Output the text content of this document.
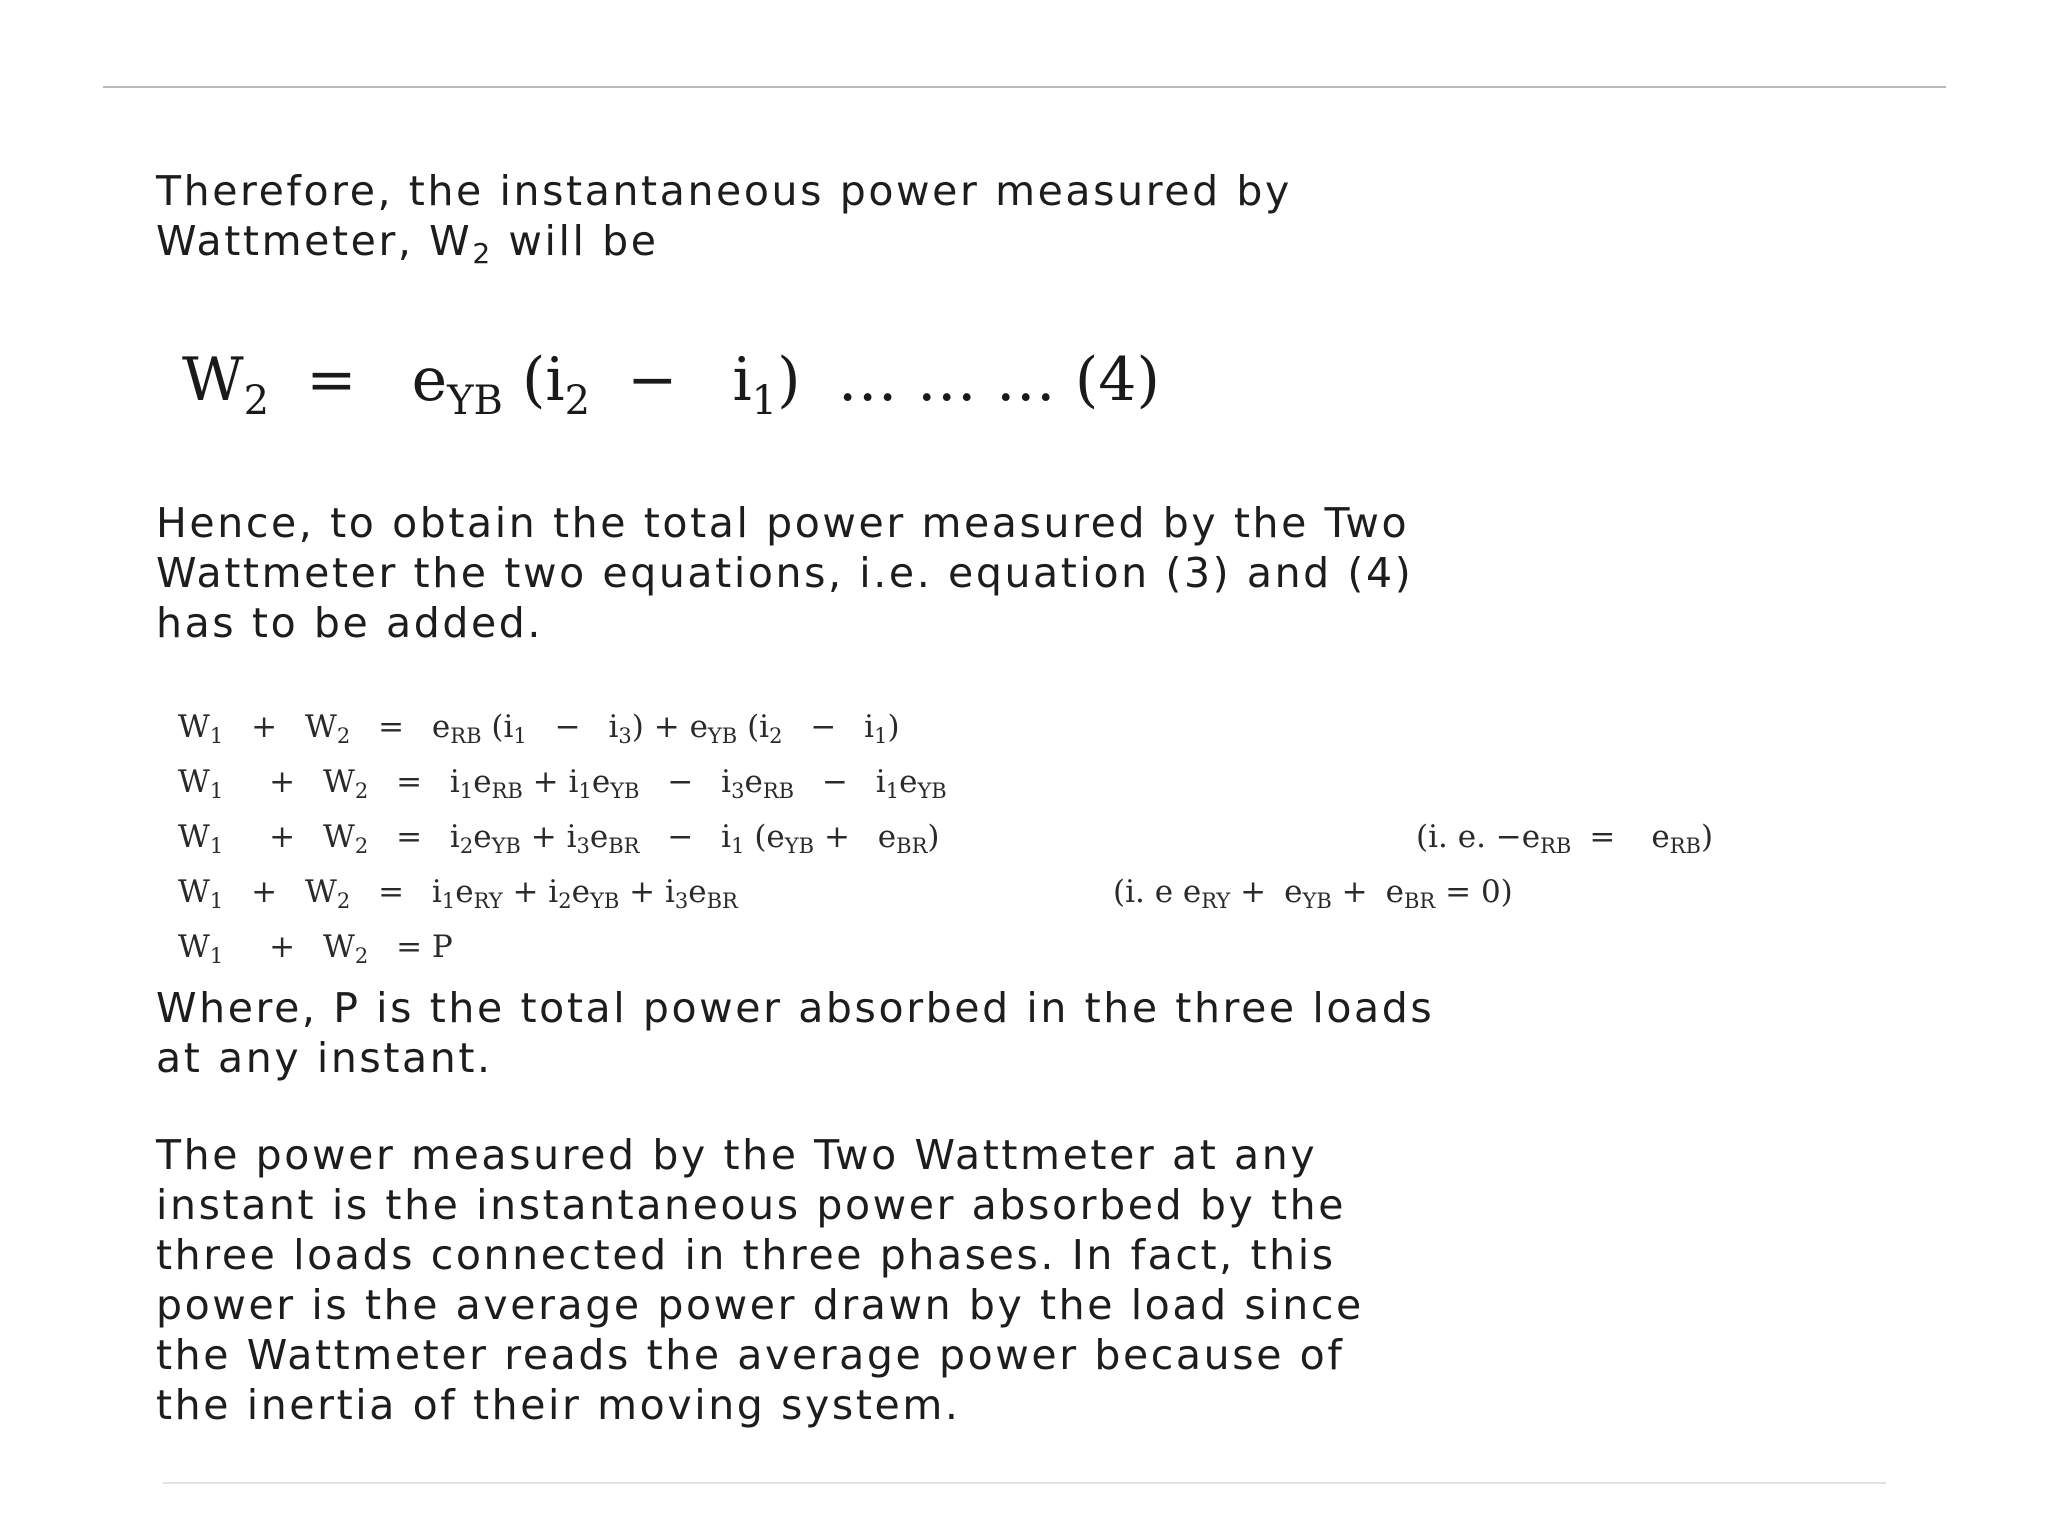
Therefore, the instantaneous power measured by
Wattmeter, $W_2$ will be

$W_2 = e_{YB}$ $(i_2 - i_1)$ … … … (4)

Hence, to obtain the total power measured by the Two
Wattmeter the two equations, i.e. equation (3) and (4)
has to be added.

$W_1 + W_2 = e_{RB}$ $(i_1 - i_3) + e_{YB}$ $(i_2 - i_1)$
$W_1 + W_2 = i_1e_{RB} + i_1e_{YB} - i_3e_{RB} - i_1e_{YB}$
$W_1 + W_2 = i_2e_{YB} + i_3e_{BR} - i_1$ $(e_{YB} + e_{BR})$	(i. e. $-e_{RB} = e_{RB}$)
$W_1 + W_2 = i_1e_{RY} + i_2e_{YB} + i_3e_{BR}$	(i. e $e_{RY} + e_{YB} + e_{BR} = 0$)
$W_1 + W_2 = P$

Where, P is the total power absorbed in the three loads
at any instant.

The power measured by the Two Wattmeter at any
instant is the instantaneous power absorbed by the
three loads connected in three phases. In fact, this
power is the average power drawn by the load since
the Wattmeter reads the average power because of
the inertia of their moving system.
